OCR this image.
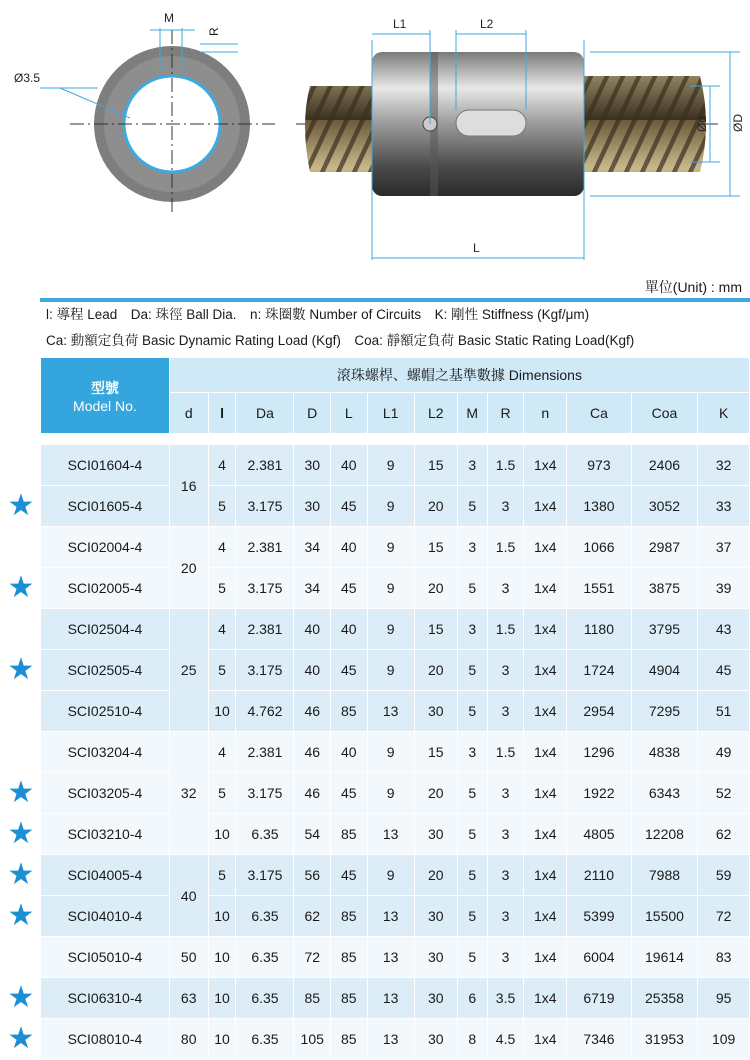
M
R
Ø3.5
L1	L2
L
Ød ØD
單位(Unit) : mm
l: 導程 Lead　Da: 珠徑 Ball Dia.　n: 珠圈數 Number of Circuits　K: 剛性 Stiffness (Kgf/μm)
Ca: 動額定負荷 Basic Dynamic Rating Load (Kgf)　Coa: 靜額定負荷 Basic Static Rating Load(Kgf)
型號
Model No.	滾珠螺桿、螺帽之基準數據 Dimensions												
	d	l	Da	D	L	L1	L2	M	R	n	Ca	Coa	K

SCI01604-4	16	4	2.381	30	40	9	15	3	1.5	1x4	973	2406	32
SCI01605-4		5	3.175	30	45	9	20	5	3	1x4	1380	3052	33
SCI02004-4	20	4	2.381	34	40	9	15	3	1.5	1x4	1066	2987	37
SCI02005-4		5	3.175	34	45	9	20	5	3	1x4	1551	3875	39
SCI02504-4	25	4	2.381	40	40	9	15	3	1.5	1x4	1180	3795	43
SCI02505-4		5	3.175	40	45	9	20	5	3	1x4	1724	4904	45
SCI02510-4		10	4.762	46	85	13	30	5	3	1x4	2954	7295	51
SCI03204-4	32	4	2.381	46	40	9	15	3	1.5	1x4	1296	4838	49
SCI03205-4		5	3.175	46	45	9	20	5	3	1x4	1922	6343	52
SCI03210-4		10	6.35	54	85	13	30	5	3	1x4	4805	12208	62
SCI04005-4	40	5	3.175	56	45	9	20	5	3	1x4	2110	7988	59
SCI04010-4		10	6.35	62	85	13	30	5	3	1x4	5399	15500	72
SCI05010-4	50	10	6.35	72	85	13	30	5	3	1x4	6004	19614	83
SCI06310-4	63	10	6.35	85	85	13	30	6	3.5	1x4	6719	25358	95
SCI08010-4	80	10	6.35	105	85	13	30	8	4.5	1x4	7346	31953	109
★
★
★
★
★
★
★
★
★
